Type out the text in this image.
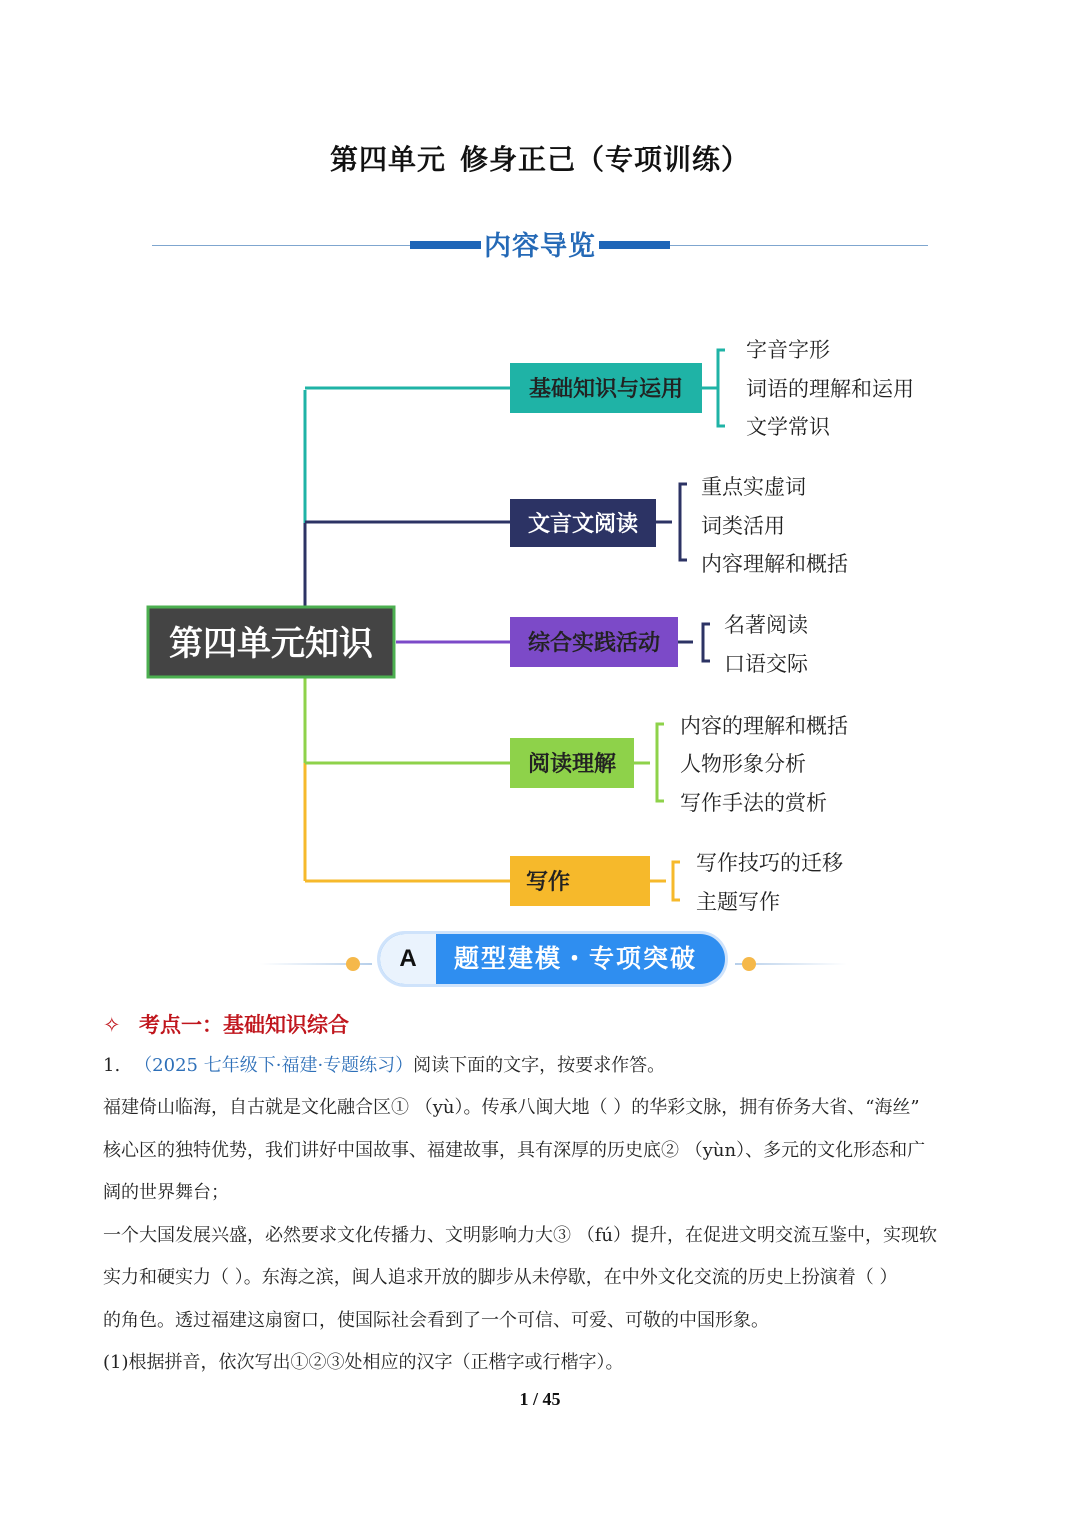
第四单元 修身正己（专项训练）
内容导览
第四单元知识
基础知识与运用
文言文阅读
综合实践活动
阅读理解
写作
字音字形
词语的理解和运用
文学常识
重点实虚词
词类活用
内容理解和概括
名著阅读
口语交际
内容的理解和概括
人物形象分析
写作手法的赏析
写作技巧的迁移
主题写作
A	题型建模・专项突破
✧ 考点一：基础知识综合
1. （2025 七年级下·福建·专题练习）阅读下面的文字，按要求作答。
福建倚山临海，自古就是文化融合区① （yù）。传承八闽大地（ ）的华彩文脉，拥有侨务大省、“海丝”
核心区的独特优势，我们讲好中国故事、福建故事，具有深厚的历史底② （yùn）、多元的文化形态和广
阔的世界舞台；
一个大国发展兴盛，必然要求文化传播力、文明影响力大③ （fú）提升，在促进文明交流互鉴中，实现软
实力和硬实力（ ）。东海之滨，闽人追求开放的脚步从未停歇，在中外文化交流的历史上扮演着（ ）
的角色。透过福建这扇窗口，使国际社会看到了一个可信、可爱、可敬的中国形象。
(1)根据拼音，依次写出①②③处相应的汉字（正楷字或行楷字）。
1 / 45
